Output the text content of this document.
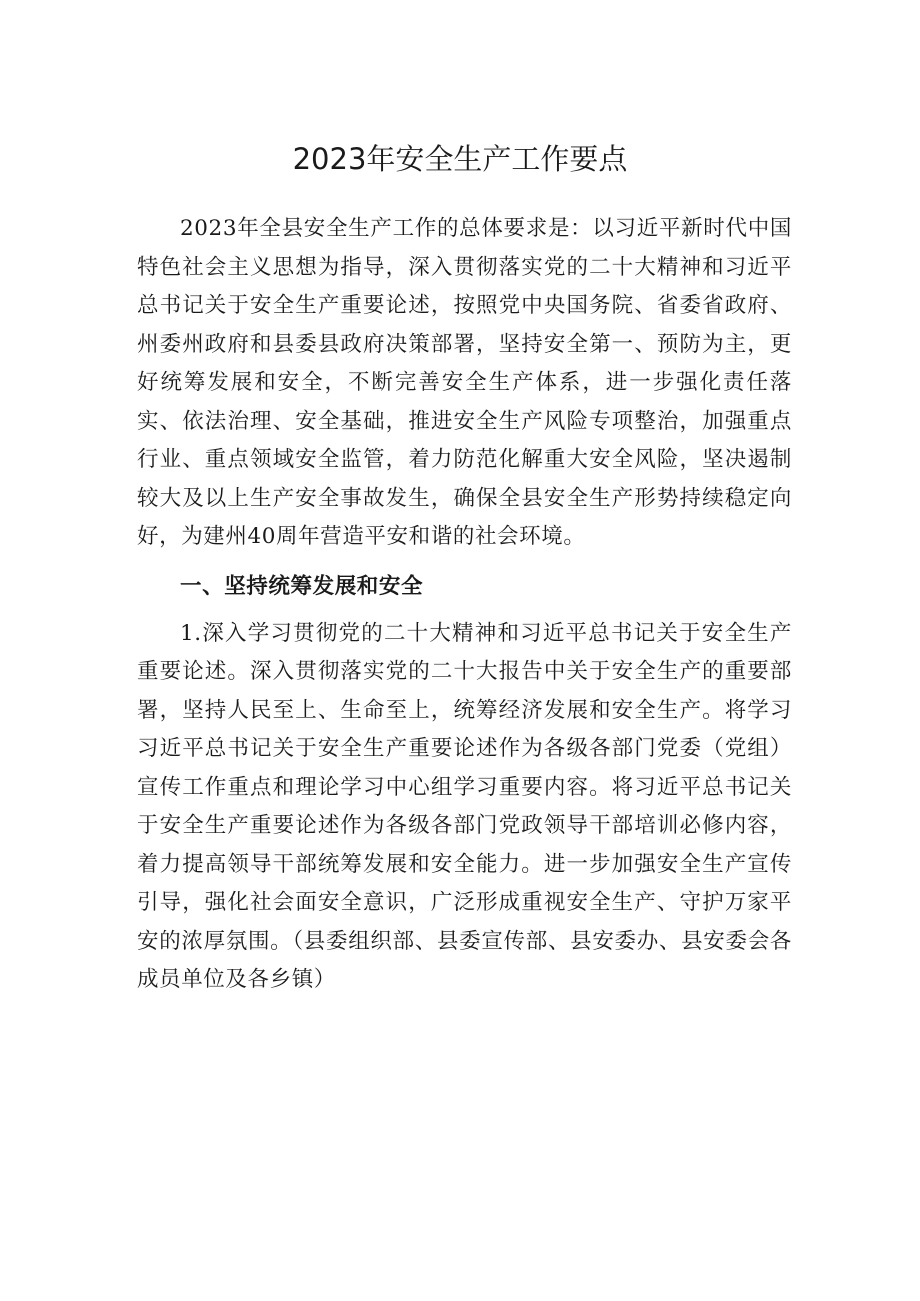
2023年安全生产工作要点

2023年全县安全生产工作的总体要求是：以习近平新时代中国特色社会主义思想为指导，深入贯彻落实党的二十大精神和习近平总书记关于安全生产重要论述，按照党中央国务院、省委省政府、州委州政府和县委县政府决策部署，坚持安全第一、预防为主，更好统筹发展和安全，不断完善安全生产体系，进一步强化责任落实、依法治理、安全基础，推进安全生产风险专项整治，加强重点行业、重点领域安全监管，着力防范化解重大安全风险，坚决遏制较大及以上生产安全事故发生，确保全县安全生产形势持续稳定向好，为建州40周年营造平安和谐的社会环境。

一、坚持统筹发展和安全

1.深入学习贯彻党的二十大精神和习近平总书记关于安全生产重要论述。深入贯彻落实党的二十大报告中关于安全生产的重要部署，坚持人民至上、生命至上，统筹经济发展和安全生产。将学习习近平总书记关于安全生产重要论述作为各级各部门党委（党组）宣传工作重点和理论学习中心组学习重要内容。将习近平总书记关于安全生产重要论述作为各级各部门党政领导干部培训必修内容，着力提高领导干部统筹发展和安全能力。进一步加强安全生产宣传引导，强化社会面安全意识，广泛形成重视安全生产、守护万家平安的浓厚氛围。（县委组织部、县委宣传部、县安委办、县安委会各成员单位及各乡镇）
